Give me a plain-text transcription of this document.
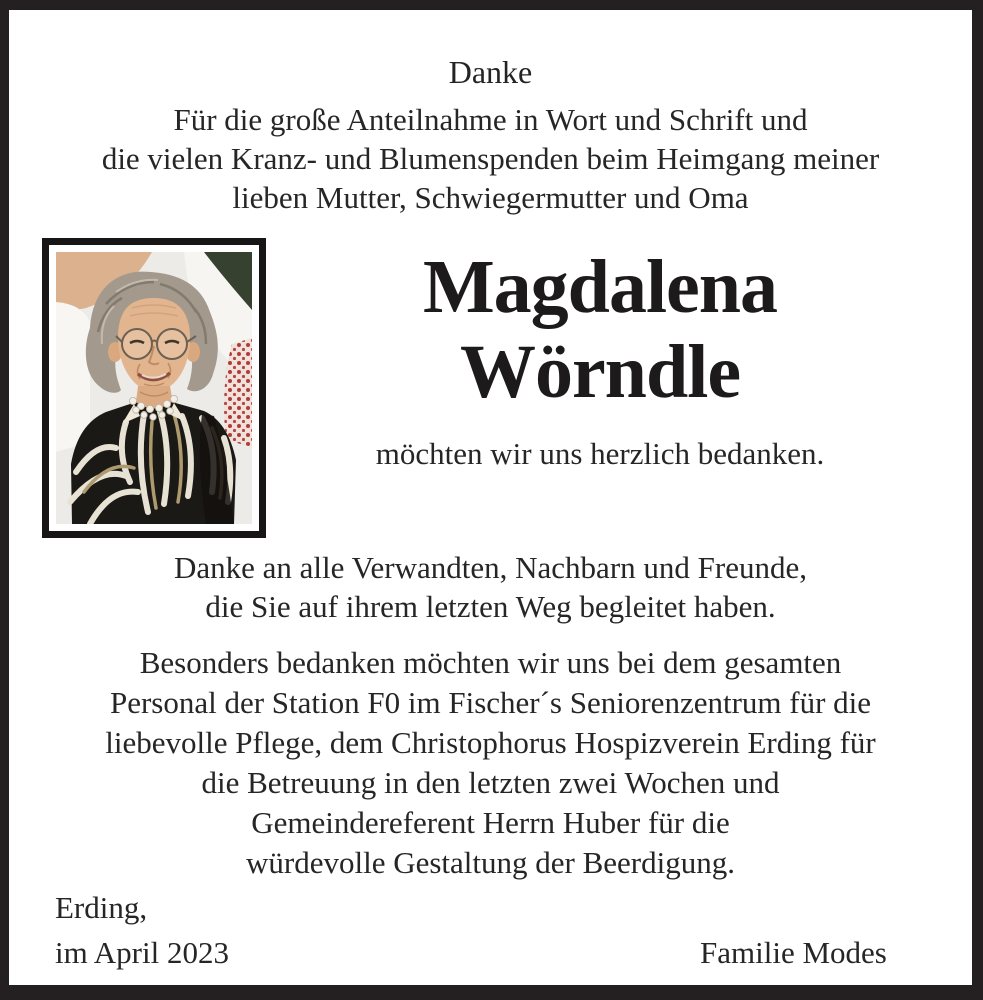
Danke
Für die große Anteilnahme in Wort und Schrift und
die vielen Kranz- und Blumenspenden beim Heimgang meiner
lieben Mutter, Schwiegermutter und Oma
Magdalena
Wörndle
möchten wir uns herzlich bedanken.
Danke an alle Verwandten, Nachbarn und Freunde,
die Sie auf ihrem letzten Weg begleitet haben.
Besonders bedanken möchten wir uns bei dem gesamten
Personal der Station F0 im Fischer´s Seniorenzentrum für die
liebevolle Pflege, dem Christophorus Hospizverein Erding für
die Betreuung in den letzten zwei Wochen und
Gemeindereferent Herrn Huber für die
würdevolle Gestaltung der Beerdigung.
Erding,
im April 2023	Familie Modes
